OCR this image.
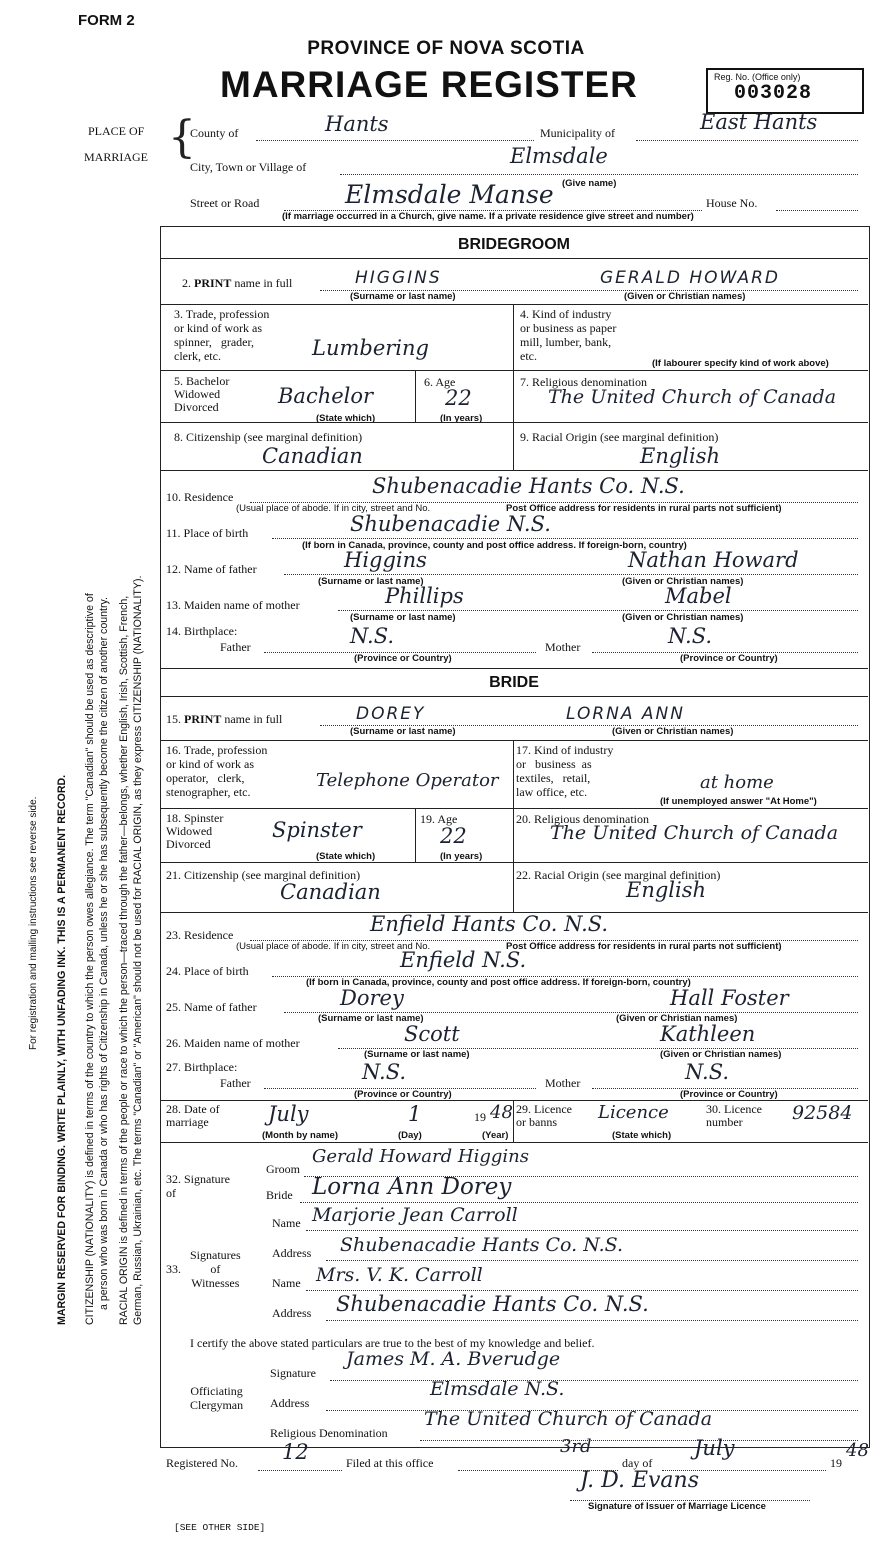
FORM 2
PROVINCE OF NOVA SCOTIA
MARRIAGE REGISTER	Reg. No. (Office only)
003028
PLACE OF
MARRIAGE {
County of	Hants	Municipality of	East Hants
City, Town or Village of	Elmsdale
(Give name)
Street or Road	Elmsdale Manse	House No.
(If marriage occurred in a Church, give name. If a private residence give street and number)
BRIDEGROOM
2. PRINT name in full	HIGGINS	GERALD HOWARD
(Surname or last name)	(Given or Christian names)
3. Trade, profession
or kind of work as
spinner,   grader,
clerk, etc.	Lumbering
4. Kind of industry
or business as paper
mill, lumber, bank,
etc.
(If labourer specify kind of work above)
5. Bachelor
Widowed
Divorced	Bachelor
(State which)
6. Age
22
(In years)
7. Religious denomination
The United Church of Canada
8. Citizenship (see marginal definition)
Canadian
9. Racial Origin (see marginal definition)
English
10. Residence	Shubenacadie Hants Co. N.S.
(Usual place of abode. If in city, street and No.	Post Office address for residents in rural parts not sufficient)
11. Place of birth	Shubenacadie N.S.
(If born in Canada, province, county and post office address. If foreign-born, country)
12. Name of father	Higgins	Nathan Howard
(Surname or last name)	(Given or Christian names)
13. Maiden name of mother	Phillips	Mabel
(Surname or last name)	(Given or Christian names)
14. Birthplace:
Father	N.S.	Mother	N.S.
(Province or Country)	(Province or Country)
BRIDE
15. PRINT name in full	DOREY	LORNA ANN
(Surname or last name)	(Given or Christian names)
16. Trade, profession
or kind of work as
operator,   clerk,
stenographer, etc.
Telephone Operator
17. Kind of industry
or   business  as
textiles,   retail,
law office, etc.	at home
(If unemployed answer "At Home")
18. Spinster
Widowed
Divorced
Spinster
(State which)
19. Age
22
(In years)
20. Religious denomination
The United Church of Canada
21. Citizenship (see marginal definition)
Canadian
22. Racial Origin (see marginal definition)
English
23. Residence	Enfield Hants Co. N.S.
(Usual place of abode. If in city, street and No.	Post Office address for residents in rural parts not sufficient)
24. Place of birth	Enfield N.S.
(If born in Canada, province, county and post office address. If foreign-born, country)
25. Name of father	Dorey	Hall Foster
(Surname or last name)	(Given or Christian names)
26. Maiden name of mother	Scott	Kathleen
(Surname or last name)	(Given or Christian names)
27. Birthplace:
Father	N.S.	Mother	N.S.
(Province or Country)	(Province or Country)
28. Date of
marriage	July	1	19 48
(Month by name)	(Day)	(Year)
29. Licence
or banns	Licence
(State which)
30. Licence
number	92584
32. Signature
of
Groom
Gerald Howard Higgins
Bride Lorna Ann Dorey
33.
Signatures
of
Witnesses
Name Marjorie Jean Carroll
Address Shubenacadie Hants Co. N.S.
Name Mrs. V. K. Carroll
Address Shubenacadie Hants Co. N.S.
I certify the above stated particulars are true to the best of my knowledge and belief.
Officiating
Clergyman
Signature
James M. A. Bverudge
Address
Elmsdale N.S.
Religious Denomination
The United Church of Canada
Registered No. 12	Filed at this office
3rd
day of
July
19
48
J. D. Evans
Signature of Issuer of Marriage Licence
[SEE OTHER SIDE]
For registration and mailing instructions see reverse side. MARGIN RESERVED FOR BINDING. WRITE PLAINLY, WITH UNFADING INK. THIS IS A PERMANENT RECORD. CITIZENSHIP (NATIONALITY) is defined in terms of the country to which the person owes allegiance. The term "Canadian" should be used as descriptive of a person who was born in Canada or who has rights of Citizenship in Canada, unless he or she has subsequently become the citizen of another country. RACIAL ORIGIN is defined in terms of the people or race to which the person—traced through the father—belongs, whether English, Irish, Scottish, French, German, Russian, Ukrainian, etc. The terms "Canadian" or "American" should not be used for RACIAL ORIGIN, as they express CITIZENSHIP (NATIONALITY).
